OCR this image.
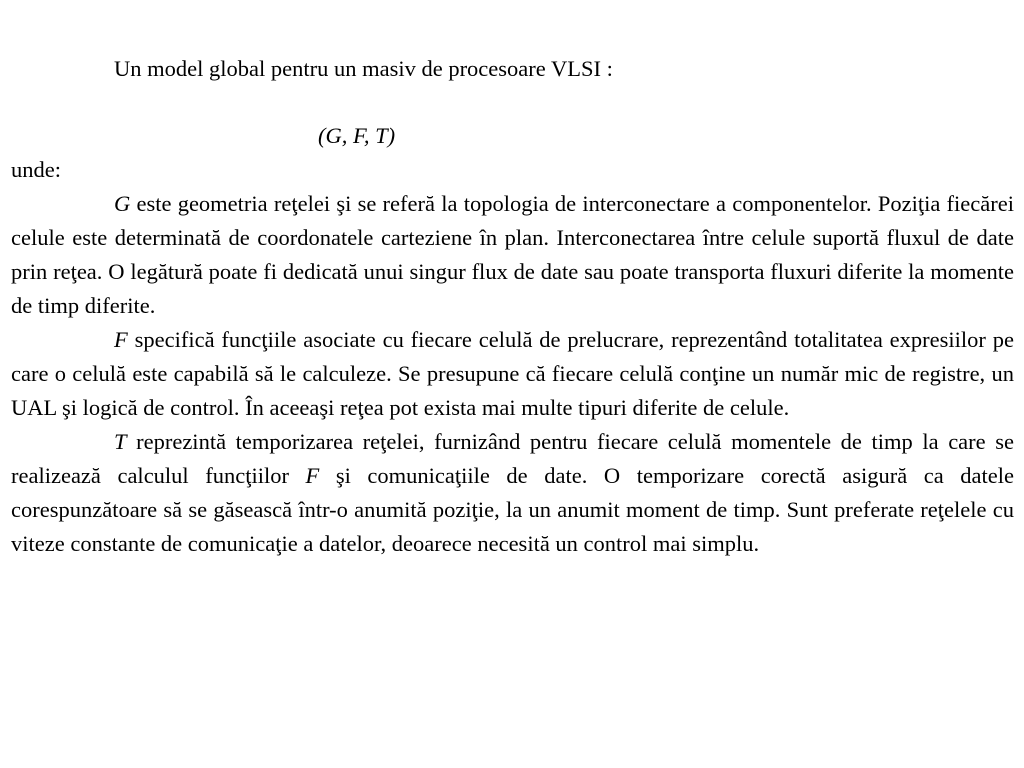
Un model global pentru un masiv de procesoare VLSI :
(G, F, T)
unde:

G este geometria reţelei şi se referă la topologia de interconectare a componentelor. Poziţia fiecărei celule este determinată de coordonatele carteziene în plan. Interconectarea între celule suportă fluxul de date prin reţea. O legătură poate fi dedicată unui singur flux de date sau poate transporta fluxuri diferite la momente de timp diferite.

F specifică funcţiile asociate cu fiecare celulă de prelucrare, reprezentând totalitatea expresiilor pe care o celulă este capabilă să le calculeze. Se presupune că fiecare celulă conţine un număr mic de registre, un UAL şi logică de control. În aceeaşi reţea pot exista mai multe tipuri diferite de celule.

T reprezintă temporizarea reţelei, furnizând pentru fiecare celulă momentele de timp la care se realizează calculul funcţiilor F şi comunicaţiile de date. O temporizare corectă asigură ca datele corespunzătoare să se găsească într-o anumită poziţie, la un anumit moment de timp. Sunt preferate reţelele cu viteze constante de comunicaţie a datelor, deoarece necesită un control mai simplu.
